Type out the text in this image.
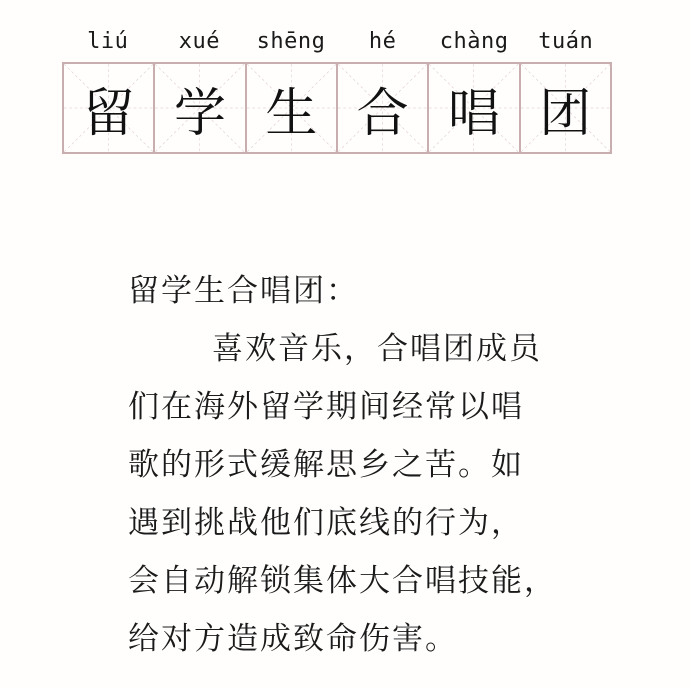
liú	xué	shēng	hé	chàng	tuán
留 学 生 合 唱 团
留学生合唱团：
喜欢音乐，合唱团成员
们在海外留学期间经常以唱
歌的形式缓解思乡之苦。如
遇到挑战他们底线的行为，
会自动解锁集体大合唱技能，
给对方造成致命伤害。
